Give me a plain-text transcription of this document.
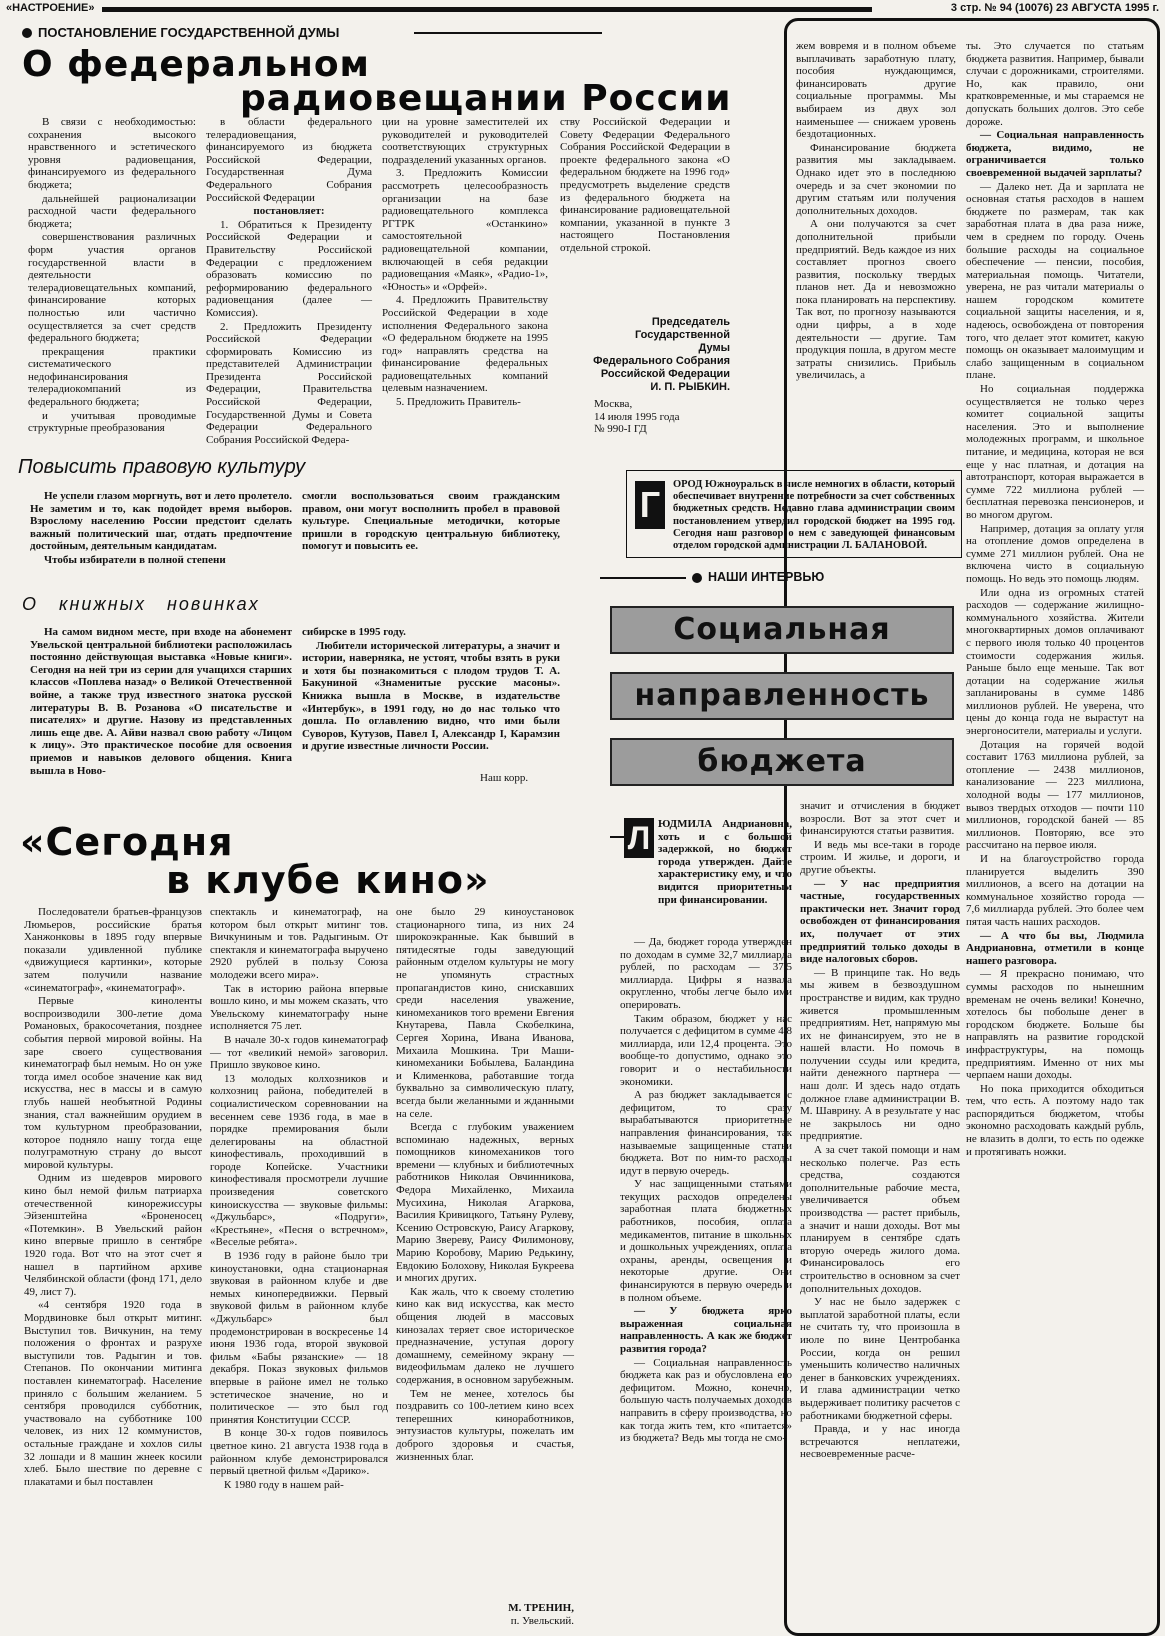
«НАСТРОЕНИЕ»	3 стр. № 94 (10076) 23 АВГУСТА 1995 г.
ПОСТАНОВЛЕНИЕ ГОСУДАРСТВЕННОЙ ДУМЫ
О федеральном
радиовещании России

В связи с необходимостью: сохранения высокого нравственного и эстетического уровня радиовещания, финансируемого из федерального бюджета;

дальнейшей рационализации расходной части федерального бюджета;

совершенствования различных форм участия органов государственной власти в деятельности телерадиовещательных компаний, финансирование которых полностью или частично осуществляется за счет средств федерального бюджета;

прекращения практики систематического недофинансирования телерадиокомпаний из федерального бюджета;

и учитывая проводимые структурные преобразования

в области федерального телерадиовещания, финансируемого из бюджета Российской Федерации, Государственная Дума Федерального Собрания Российской Федерации

постановляет:

1. Обратиться к Президенту Российской Федерации и Правительству Российской Федерации с предложением образовать комиссию по реформированию федерального радиовещания (далее — Комиссия).

2. Предложить Президенту Российской Федерации сформировать Комиссию из представителей Администрации Президента Российской Федерации, Правительства Российской Федерации, Государственной Думы и Совета Федерации Федерального Собрания Российской Федера-

ции на уровне заместителей их руководителей и руководителей соответствующих структурных подразделений указанных органов.

3. Предложить Комиссии рассмотреть целесообразность организации на базе радиовещательного комплекса РГТРК «Останкино» самостоятельной радиовещательной компании, включающей в себя редакции радиовещания «Маяк», «Радио-1», «Юность» и «Орфей».

4. Предложить Правительству Российской Федерации в ходе исполнения Федерального закона «О федеральном бюджете на 1995 год» направлять средства на финансирование федеральных радиовещательных компаний целевым назначением.

5. Предложить Правитель-

ству Российской Федерации и Совету Федерации Федерального Собрания Российской Федерации в проекте федерального закона «О федеральном бюджете на 1996 год» предусмотреть выделение средств из федерального бюджета на финансирование радиовещательной компании, указанной в пункте 3 настоящего Постановления отдельной строкой.

Председатель
Государственной
Думы
Федерального Собрания
Российской Федерации
И. П. РЫБКИН.
Москва,
14 июля 1995 года
№ 990-I ГД
Повысить правовую культуру

Не успели глазом моргнуть, вот и лето пролетело. Не заметим и то, как подойдет время выборов. Взрослому населению России предстоит сделать важный политический шаг, отдать предпочтение достойным, деятельным кандидатам.

Чтобы избиратели в полной степени

смогли воспользоваться своим гражданским правом, они могут восполнить пробел в правовой культуре. Специальные методички, которые пришли в городскую центральную библиотеку, помогут и повысить ее.

О   книжных   новинках

На самом видном месте, при входе на абонемент Увельской центральной библиотеки расположилась постоянно действующая выставка «Новые книги». Сегодня на ней три из серии для учащихся старших классов «Поплева назад» о Великой Отечественной войне, а также труд известного знатока русской литературы В. В. Розанова «О писательстве и писателях» и другие. Назову из представленных лишь еще две. А. Айви назвал свою работу «Лицом к лицу». Это практическое пособие для освоения приемов и навыков делового общения. Книга вышла в Ново-

сибирске в 1995 году.

Любители исторической литературы, а значит и истории, наверняка, не устоят, чтобы взять в руки и хотя бы познакомиться с плодом трудов Т. А. Бакуниной «Знаменитые русские масоны». Книжка вышла в Москве, в издательстве «Интербук», в 1991 году, но до нас только что дошла. По оглавлению видно, что ими были Суворов, Кутузов, Павел I, Александр I, Карамзин и другие известные личности России.

Наш корр.
«Сегодня
в клубе кино»

Последователи братьев-французов Люмьеров, российские братья Ханжонковы в 1895 году впервые показали удивленной публике «движущиеся картинки», которые затем получили название «синематограф», «кинематограф».

Первые киноленты воспроизводили 300-летие дома Романовых, бракосочетания, позднее события первой мировой войны. На заре своего существования кинематограф был немым. Но он уже тогда имел особое значение как вид искусства, нес в массы и в самую глубь нашей необъятной Родины знания, стал важнейшим орудием в том культурном преобразовании, которое подняло нашу тогда еще полуграмотную страну до высот мировой культуры.

Одним из шедевров мирового кино был немой фильм патриарха отечественной кинорежиссуры Эйзенштейна «Броненосец «Потемкин». В Увельский район кино впервые пришло в сентябре 1920 года. Вот что на этот счет я нашел в партийном архиве Челябинской области (фонд 171, дело 49, лист 7).

«4 сентября 1920 года в Мордвиновке был открыт митинг. Выступил тов. Вичкунин, на тему положения о фронтах и разрухе выступили тов. Радыгин и тов. Степанов. По окончании митинга поставлен кинематограф. Население приняло с большим желанием. 5 сентября проводился субботник, участвовало на субботнике 100 человек, из них 12 коммунистов, остальные граждане и хохлов силы 32 лошади и 8 машин жнеек косили хлеб. Было шествие по деревне с плакатами и был поставлен

спектакль и кинематограф, на котором был открыт митинг тов. Вичкуниным и тов. Радыгиным. От спектакля и кинематографа выручено 2920 рублей в пользу Союза молодежи всего мира».

Так в историю района впервые вошло кино, и мы можем сказать, что Увельскому кинематографу ныне исполняется 75 лет.

В начале 30-х годов кинематограф — тот «великий немой» заговорил. Пришло звуковое кино.

13 молодых колхозников и колхозниц района, победителей в социалистическом соревновании на весеннем севе 1936 года, в мае в порядке премирования были делегированы на областной кинофестиваль, проходивший в городе Копейске. Участники кинофестиваля просмотрели лучшие произведения советского киноискусства — звуковые фильмы: «Джульбарс», «Подруги», «Крестьяне», «Песня о встречном», «Веселые ребята».

В 1936 году в районе было три киноустановки, одна стационарная звуковая в районном клубе и две немых кинопередвижки. Первый звуковой фильм в районном клубе «Джульбарс» был продемонстрирован в воскресенье 14 июня 1936 года, второй звуковой фильм «Бабы рязанские» — 18 декабря. Показ звуковых фильмов впервые в районе имел не только эстетическое значение, но и политическое — это был год принятия Конституции СССР.

В конце 30-х годов появилось цветное кино. 21 августа 1938 года в районном клубе демонстрировался первый цветной фильм «Дарико».

К 1980 году в нашем рай-

оне было 29 киноустановок стационарного типа, из них 24 широкоэкранные. Как бывший в пятидесятые годы заведующий районным отделом культуры не могу не упомянуть страстных пропагандистов кино, снискавших среди населения уважение, киномехаников того времени Евгения Кнутарева, Павла Скобелкина, Сергея Хорина, Ивана Иванова, Михаила Мошкина. Три Маши-киномеханики Бобылева, Баландина и Клименкова, работавшие тогда буквально за символическую плату, всегда были желанными и жданными на селе.

Всегда с глубоким уважением вспоминаю надежных, верных помощников киномехаников того времени — клубных и библиотечных работников Николая Овчинникова, Федора Михайленко, Михаила Мусихина, Николая Агаркова, Василия Кривицкого, Татьяну Рулеву, Ксению Островскую, Раису Агаркову, Марию Звереву, Раису Филимонову, Марию Коробову, Марию Редькину, Евдокию Болохову, Николая Букреева и многих других.

Как жаль, что к своему столетию кино как вид искусства, как место общения людей в массовых кинозалах теряет свое историческое предназначение, уступая дорогу домашнему, семейному экрану — видеофильмам далеко не лучшего содержания, в основном зарубежным.

Тем не менее, хотелось бы поздравить со 100-летием кино всех теперешних киноработников, энтузиастов культуры, пожелать им доброго здоровья и счастья, жизненных благ.

М. ТРЕНИН,
п. Увельский.

жем вовремя и в полном объеме выплачивать заработную плату, пособия нуждающимся, финансировать другие социальные программы. Мы выбираем из двух зол наименьшее — снижаем уровень бездотационных.

Финансирование бюджета развития мы закладываем. Однако идет это в последнюю очередь и за счет экономии по другим статьям или получения дополнительных доходов.

А они получаются за счет дополнительной прибыли предприятий. Ведь каждое из них составляет прогноз своего развития, поскольку твердых планов нет. Да и невозможно пока планировать на перспективу. Так вот, по прогнозу называются одни цифры, а в ходе деятельности — другие. Там продукция пошла, в другом месте затраты снизились. Прибыль увеличилась, а

ты. Это случается по статьям бюджета развития. Например, бывали случаи с дорожниками, строителями. Но, как правило, они кратковременные, и мы стараемся не допускать больших долгов. Это себе дороже.

— Социальная направленность бюджета, видимо, не ограничивается только своевременной выдачей зарплаты?

— Далеко нет. Да и зарплата не основная статья расходов в нашем бюджете по размерам, так как заработная плата в два раза ниже, чем в среднем по городу. Очень большие расходы на социальное обеспечение — пенсии, пособия, материальная помощь. Читатели, уверена, не раз читали материалы о нашем городском комитете социальной защиты населения, и я, надеюсь, освобождена от повторения того, что делает этот комитет, какую помощь он оказывает малоимущим и слабо защищенным в социальном плане.

Но социальная поддержка осуществляется не только через комитет социальной защиты населения. Это и выполнение молодежных программ, и школьное питание, и медицина, которая не вся еще у нас платная, и дотация на автотранспорт, которая выражается в сумме 722 миллиона рублей — бесплатная перевозка пенсионеров, и во многом другом.

Например, дотация за оплату угля на отопление домов определена в сумме 271 миллион рублей. Она не включена чисто в социальную помощь. Но ведь это помощь людям.

Или одна из огромных статей расходов — содержание жилищно-коммунального хозяйства. Жители многоквартирных домов оплачивают с первого июля только 40 процентов стоимости содержания жилья. Раньше было еще меньше. Так вот дотации на содержание жилья запланированы в сумме 1486 миллионов рублей. Не уверена, что цены до конца года не вырастут на энергоносители, материалы и услуги.

Дотация на горячей водой составит 1763 миллиона рублей, за отопление — 2438 миллионов, канализование — 223 миллиона, холодной воды — 177 миллионов, вывоз твердых отходов — почти 110 миллионов, городской баней — 85 миллионов. Повторяю, все это рассчитано на первое июля.

И на благоустройство города планируется выделить 390 миллионов, а всего на дотации на коммунальное хозяйство города — 7,6 миллиарда рублей. Это более чем пятая часть наших расходов.

— А что бы вы, Людмила Андриановна, отметили в конце нашего разговора.

— Я прекрасно понимаю, что суммы расходов по нынешним временам не очень велики! Конечно, хотелось бы побольше денег в городском бюджете. Больше бы направлять на развитие городской инфраструктуры, на помощь предприятиям. Именно от них мы черпаем наши доходы.

Но пока приходится обходиться тем, что есть. А поэтому надо так распорядиться бюджетом, чтобы экономно расходовать каждый рубль, не влазить в долги, то есть по одежке и протягивать ножки.

Г	ОРОД Южноуральск в числе немногих в области, который обеспечивает внутренние потребности за счет собственных бюджетных средств. Недавно глава администрации своим постановлением утвердил городской бюджет на 1995 год. Сегодня наш разговор о нем с заведующей финансовым отделом городской администрации Л. БАЛАНОВОЙ.

НАШИ ИНТЕРВЬЮ
Социальная
направленность
бюджета
Л ЮДМИЛА Андриановна, хоть и с большой задержкой, но бюджет города утвержден. Дайте характеристику ему, и что видится приоритетным при финансировании.

— Да, бюджет города утвержден по доходам в сумме 32,7 миллиарда рублей, по расходам — 37,5 миллиарда. Цифры я назвала округленно, чтобы легче было ими оперировать.

Таким образом, бюджет у нас получается с дефицитом в сумме 4,8 миллиарда, или 12,4 процента. Это вообще-то допустимо, однако это говорит и о нестабильности экономики.

А раз бюджет закладывается с дефицитом, то сразу вырабатываются приоритетные направления финансирования, так называемые защищенные статьи бюджета. Вот по ним-то расходы идут в первую очередь.

У нас защищенными статьями текущих расходов определены заработная плата бюджетных работников, пособия, оплата медикаментов, питание в школьных и дошкольных учреждениях, оплата охраны, аренды, освещения и некоторые другие. Они финансируются в первую очередь и в полном объеме.

— У бюджета ярко выраженная социальная направленность. А как же бюджет развития города?

— Социальная направленность бюджета как раз и обусловлена его дефицитом. Можно, конечно, большую часть получаемых доходов направить в сферу производства, но как тогда жить тем, кто «питается» из бюджета? Ведь мы тогда не смо-

значит и отчисления в бюджет возросли. Вот за этот счет и финансируются статьи развития.

И ведь мы все-таки в городе строим. И жилье, и дороги, и другие объекты.

— У нас предприятия частные, государственных практически нет. Значит город освобожден от финансирования их, получает от этих предприятий только доходы в виде налоговых сборов.

— В принципе так. Но ведь мы живем в безвоздушном пространстве и видим, как трудно живется промышленным предприятиям. Нет, напрямую мы их не финансируем, это не в нашей власти. Но помочь в получении ссуды или кредита, найти денежного партнера — наш долг. И здесь надо отдать должное главе администрации В. М. Шаврину. А в результате у нас не закрылось ни одно предприятие.

А за счет такой помощи и нам несколько полегче. Раз есть средства, создаются дополнительные рабочие места, увеличивается объем производства — растет прибыль, а значит и наши доходы. Вот мы планируем в сентябре сдать вторую очередь жилого дома. Финансировалось его строительство в основном за счет дополнительных доходов.

У нас не было задержек с выплатой заработной платы, если не считать ту, что произошла в июле по вине Центробанка России, когда он решил уменьшить количество наличных денег в банковских учреждениях. И глава администрации четко выдерживает политику расчетов с работниками бюджетной сферы.

Правда, и у нас иногда встречаются неплатежи, несвоевременные расче-
